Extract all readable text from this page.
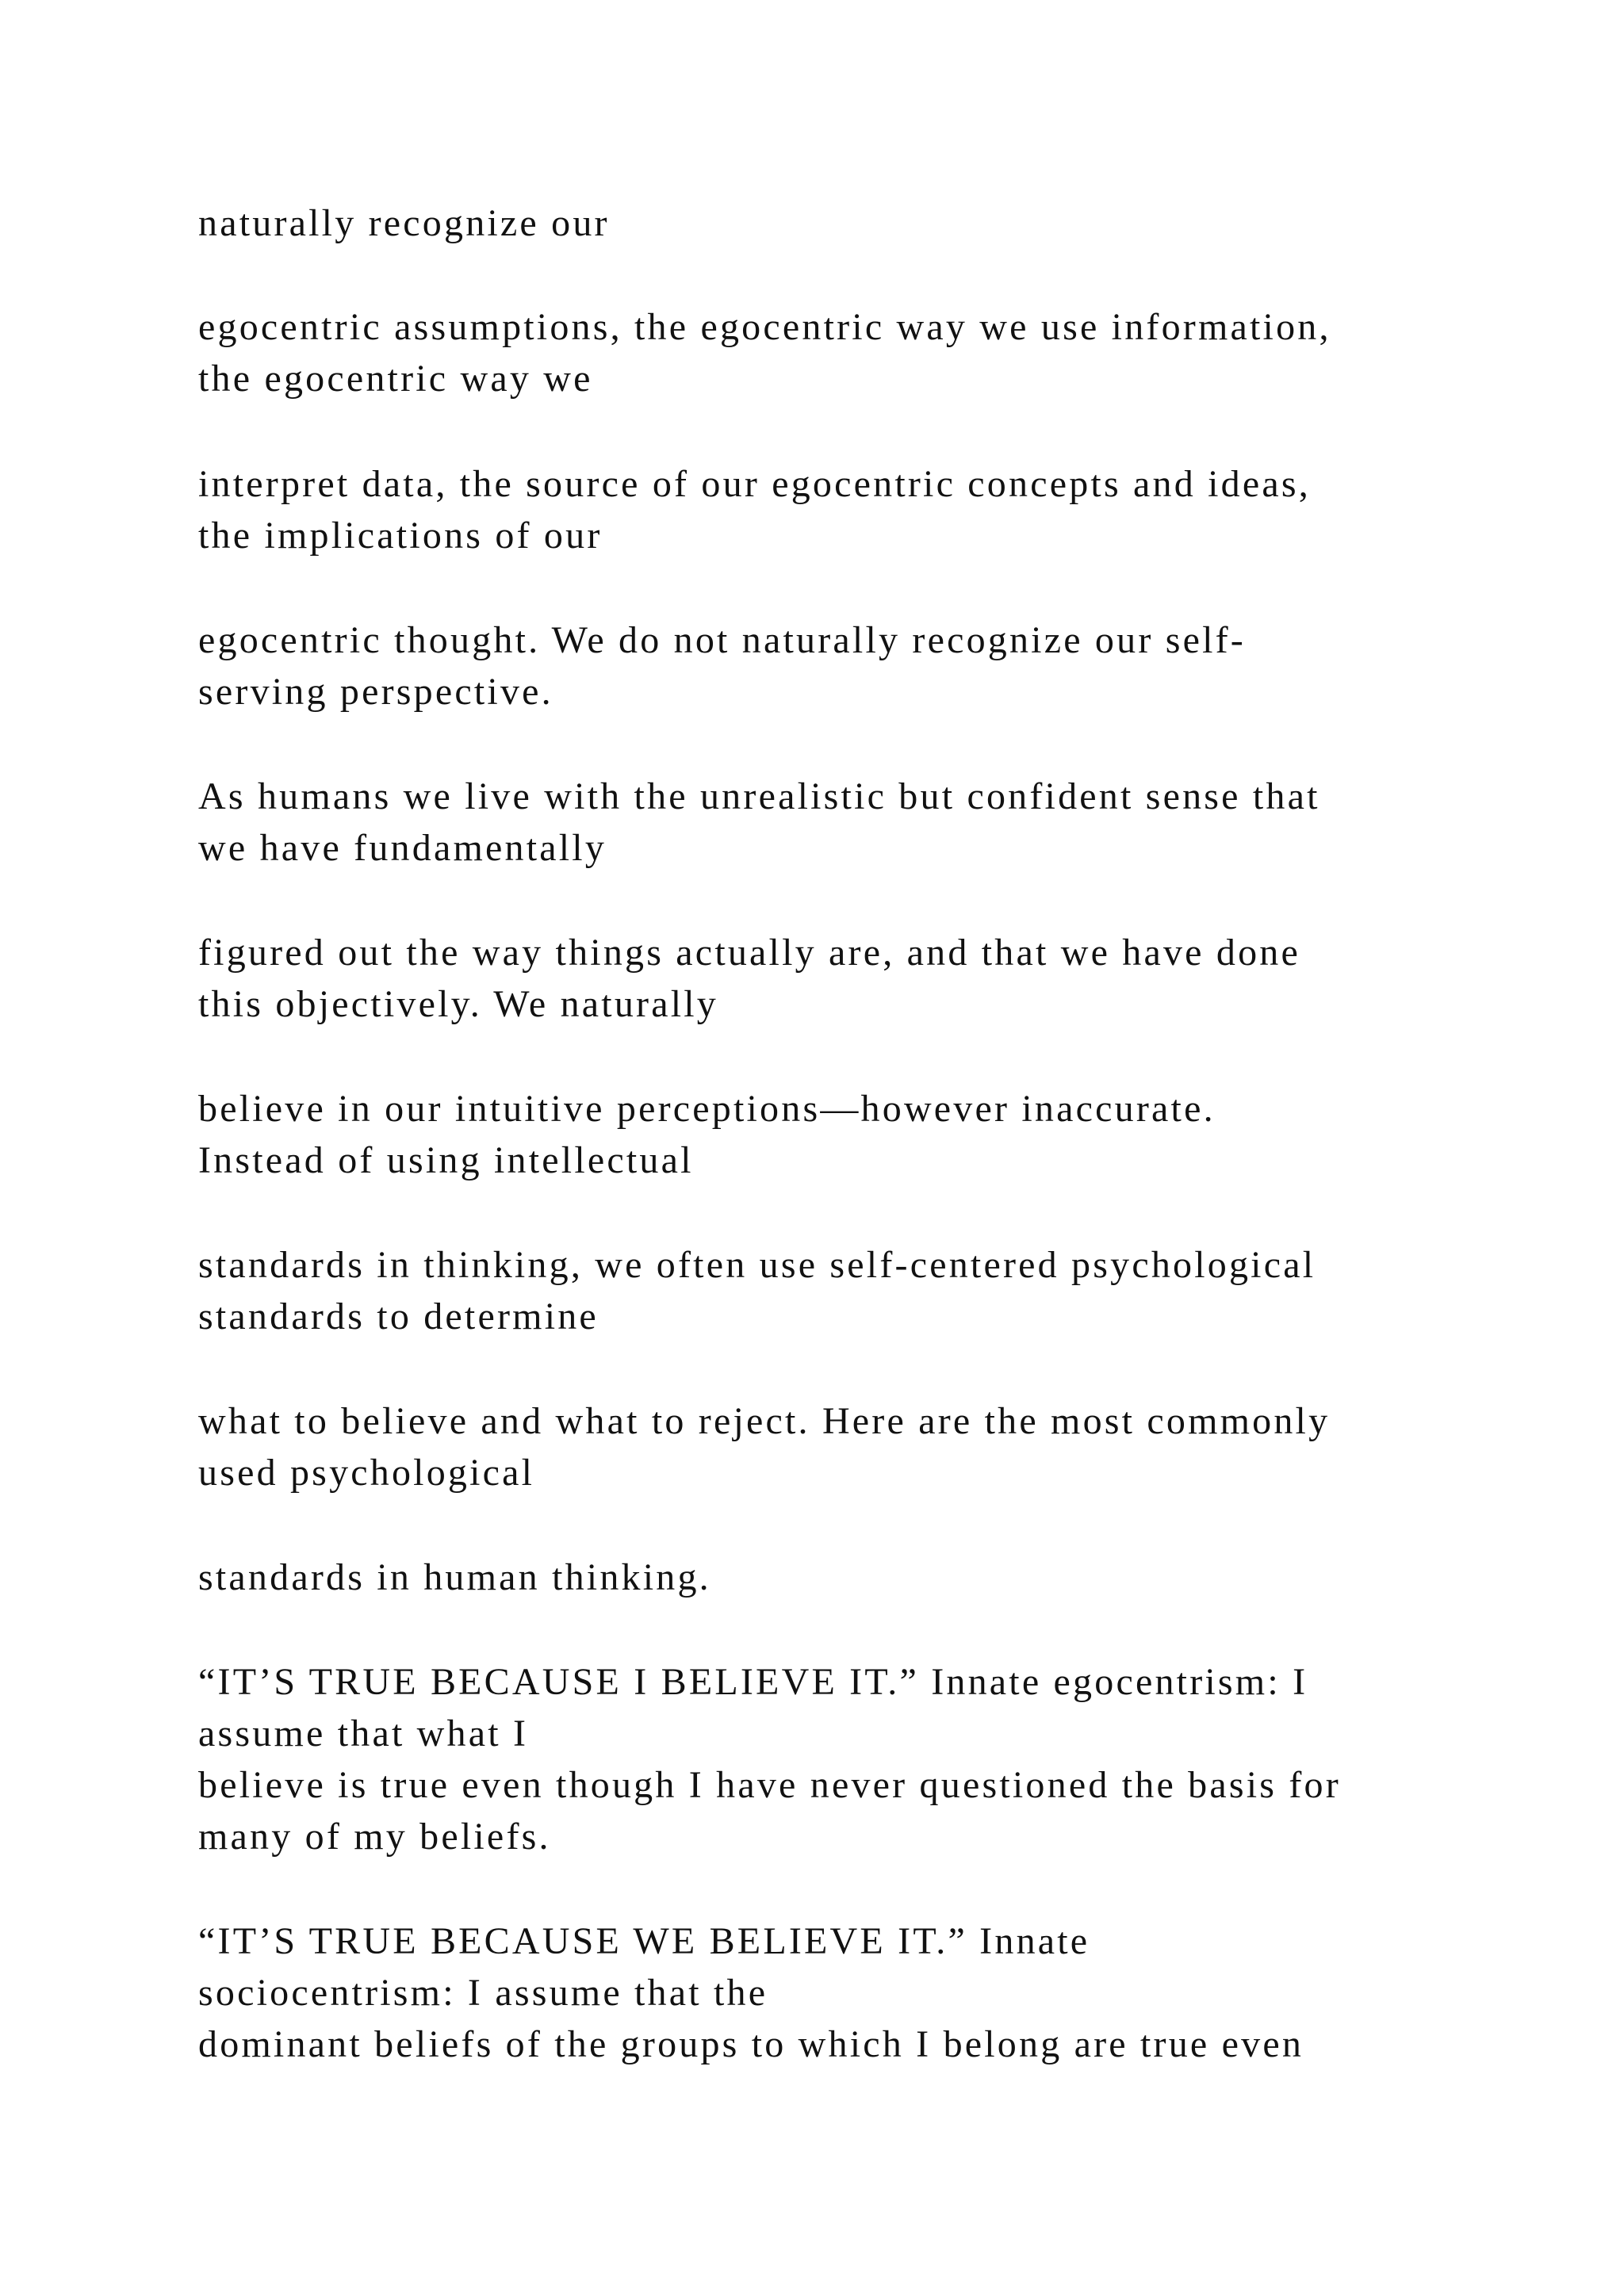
naturally recognize our

egocentric assumptions, the egocentric way we use information,

the egocentric way we

interpret data, the source of our egocentric concepts and ideas,

the implications of our

egocentric thought. We do not naturally recognize our self-

serving perspective.

As humans we live with the unrealistic but confident sense that

we have fundamentally

figured out the way things actually are, and that we have done

this objectively. We naturally

believe in our intuitive perceptions—however inaccurate.

Instead of using intellectual

standards in thinking, we often use self-centered psychological

standards to determine

what to believe and what to reject. Here are the most commonly

used psychological

standards in human thinking.

“IT’S TRUE BECAUSE I BELIEVE IT.” Innate egocentrism: I

assume that what I

believe is true even though I have never questioned the basis for

many of my beliefs.

“IT’S TRUE BECAUSE WE BELIEVE IT.” Innate

sociocentrism: I assume that the

dominant beliefs of the groups to which I belong are true even
